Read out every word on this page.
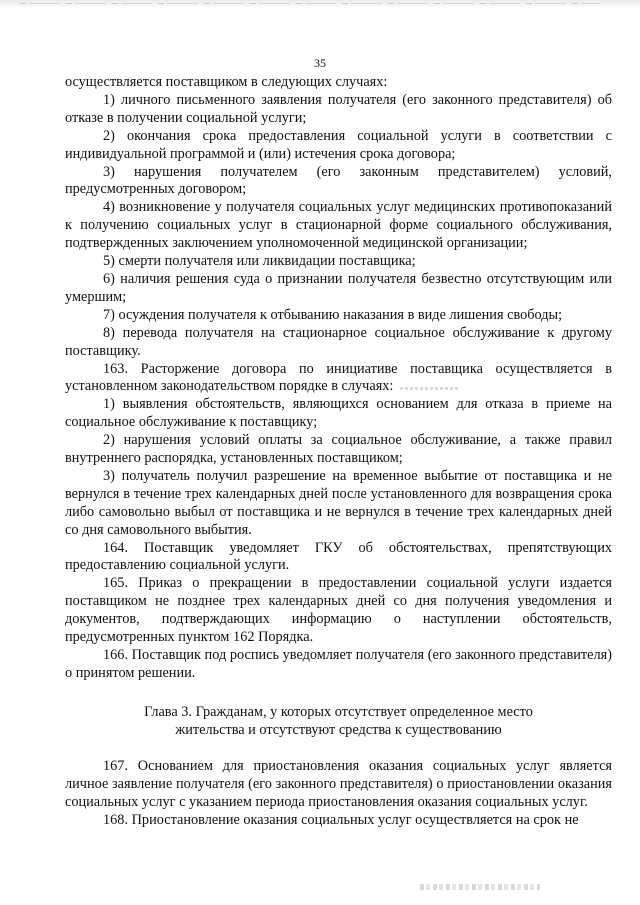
35

осуществляется поставщиком в следующих случаях:

1) личного письменного заявления получателя (его законного представителя) об отказе в получении социальной услуги;

2) окончания срока предоставления социальной услуги в соответствии с индивидуальной программой и (или) истечения срока договора;

3) нарушения получателем (его законным представителем) условий, предусмотренных договором;

4) возникновение у получателя социальных услуг медицинских противопоказаний к получению социальных услуг в стационарной форме социального обслуживания, подтвержденных заключением уполномоченной медицинской организации;

5) смерти получателя или ликвидации поставщика;

6) наличия решения суда о признании получателя безвестно отсутствующим или умершим;

7) осуждения получателя к отбыванию наказания в виде лишения свободы;

8) перевода получателя на стационарное социальное обслуживание к другому поставщику.

163. Расторжение договора по инициативе поставщика осуществляется в установленном законодательством порядке в случаях:

1) выявления обстоятельств, являющихся основанием для отказа в приеме на социальное обслуживание к поставщику;

2) нарушения условий оплаты за социальное обслуживание, а также правил внутреннего распорядка, установленных поставщиком;

3) получатель получил разрешение на временное выбытие от поставщика и не вернулся в течение трех календарных дней после установленного для возвращения срока либо самовольно выбыл от поставщика и не вернулся в течение трех календарных дней со дня самовольного выбытия.

164. Поставщик уведомляет ГКУ об обстоятельствах, препятствующих предоставлению социальной услуги.

165. Приказ о прекращении в предоставлении социальной услуги издается поставщиком не позднее трех календарных дней со дня получения уведомления и документов, подтверждающих информацию о наступлении обстоятельств, предусмотренных пунктом 162 Порядка.

166. Поставщик под роспись уведомляет получателя (его законного представителя) о принятом решении.

Глава 3. Гражданам, у которых отсутствует определенное место
жительства и отсутствуют средства к существованию

167. Основанием для приостановления оказания социальных услуг является личное заявление получателя (его законного представителя) о приостановлении оказания социальных услуг с указанием периода приостановления оказания социальных услуг.

168. Приостановление оказания социальных услуг осуществляется на срок не
